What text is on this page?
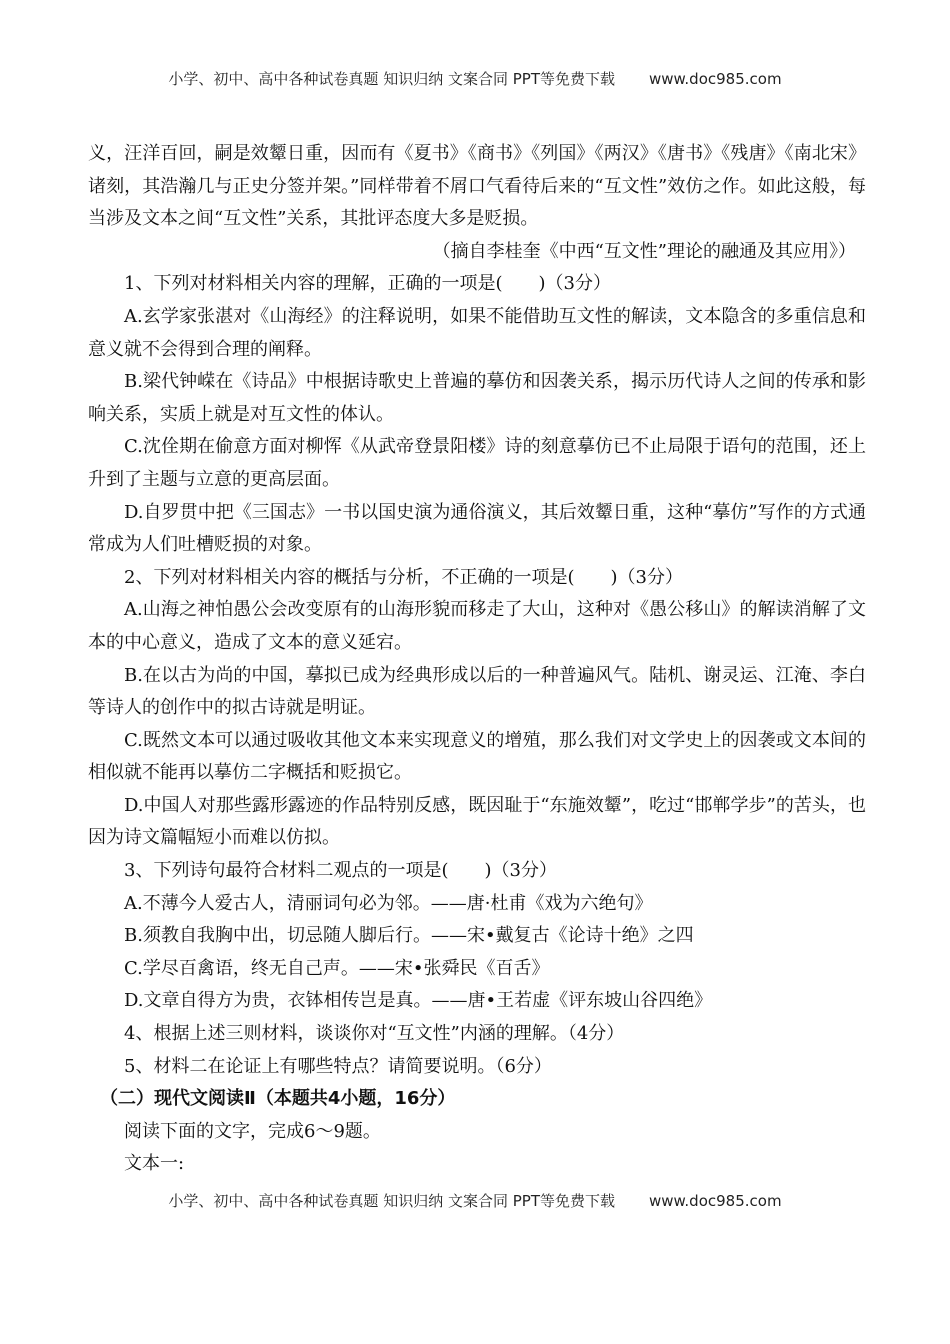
小学、初中、高中各种试卷真题 知识归纳 文案合同 PPT等免费下载 www.doc985.com

义，汪洋百回，嗣是效颦日重，因而有《夏书》《商书》《列国》《两汉》《唐书》《残唐》《南北宋》诸刻，其浩瀚几与正史分签并架。”同样带着不屑口气看待后来的“互文性”效仿之作。如此这般，每当涉及文本之间“互文性”关系，其批评态度大多是贬损。

（摘自李桂奎《中西“互文性”理论的融通及其应用》）

1、下列对材料相关内容的理解，正确的一项是(　　)（3分）

A.玄学家张湛对《山海经》的注释说明，如果不能借助互文性的解读，文本隐含的多重信息和意义就不会得到合理的阐释。

B.梁代钟嵘在《诗品》中根据诗歌史上普遍的摹仿和因袭关系，揭示历代诗人之间的传承和影响关系，实质上就是对互文性的体认。

C.沈佺期在偷意方面对柳恽《从武帝登景阳楼》诗的刻意摹仿已不止局限于语句的范围，还上升到了主题与立意的更高层面。

D.自罗贯中把《三国志》一书以国史演为通俗演义，其后效颦日重，这种“摹仿”写作的方式通常成为人们吐槽贬损的对象。

2、下列对材料相关内容的概括与分析，不正确的一项是(　　)（3分）

A.山海之神怕愚公会改变原有的山海形貌而移走了大山，这种对《愚公移山》的解读消解了文本的中心意义，造成了文本的意义延宕。

B.在以古为尚的中国，摹拟已成为经典形成以后的一种普遍风气。陆机、谢灵运、江淹、李白等诗人的创作中的拟古诗就是明证。

C.既然文本可以通过吸收其他文本来实现意义的增殖，那么我们对文学史上的因袭或文本间的相似就不能再以摹仿二字概括和贬损它。

D.中国人对那些露形露迹的作品特别反感，既因耻于“东施效颦”，吃过“邯郸学步”的苦头，也因为诗文篇幅短小而难以仿拟。

3、下列诗句最符合材料二观点的一项是(　　)（3分）

A.不薄今人爱古人，清丽词句必为邻。——唐·杜甫《戏为六绝句》

B.须教自我胸中出，切忌随人脚后行。——宋•戴复古《论诗十绝》之四

C.学尽百禽语，终无自己声。——宋•张舜民《百舌》

D.文章自得方为贵，衣钵相传岂是真。——唐•王若虚《评东坡山谷四绝》

4、根据上述三则材料，谈谈你对“互文性”内涵的理解。（4分）

5、材料二在论证上有哪些特点？请简要说明。（6分）

（二）现代文阅读Ⅱ（本题共4小题，16分）

阅读下面的文字，完成6～9题。

文本一:

小学、初中、高中各种试卷真题 知识归纳 文案合同 PPT等免费下载 www.doc985.com
